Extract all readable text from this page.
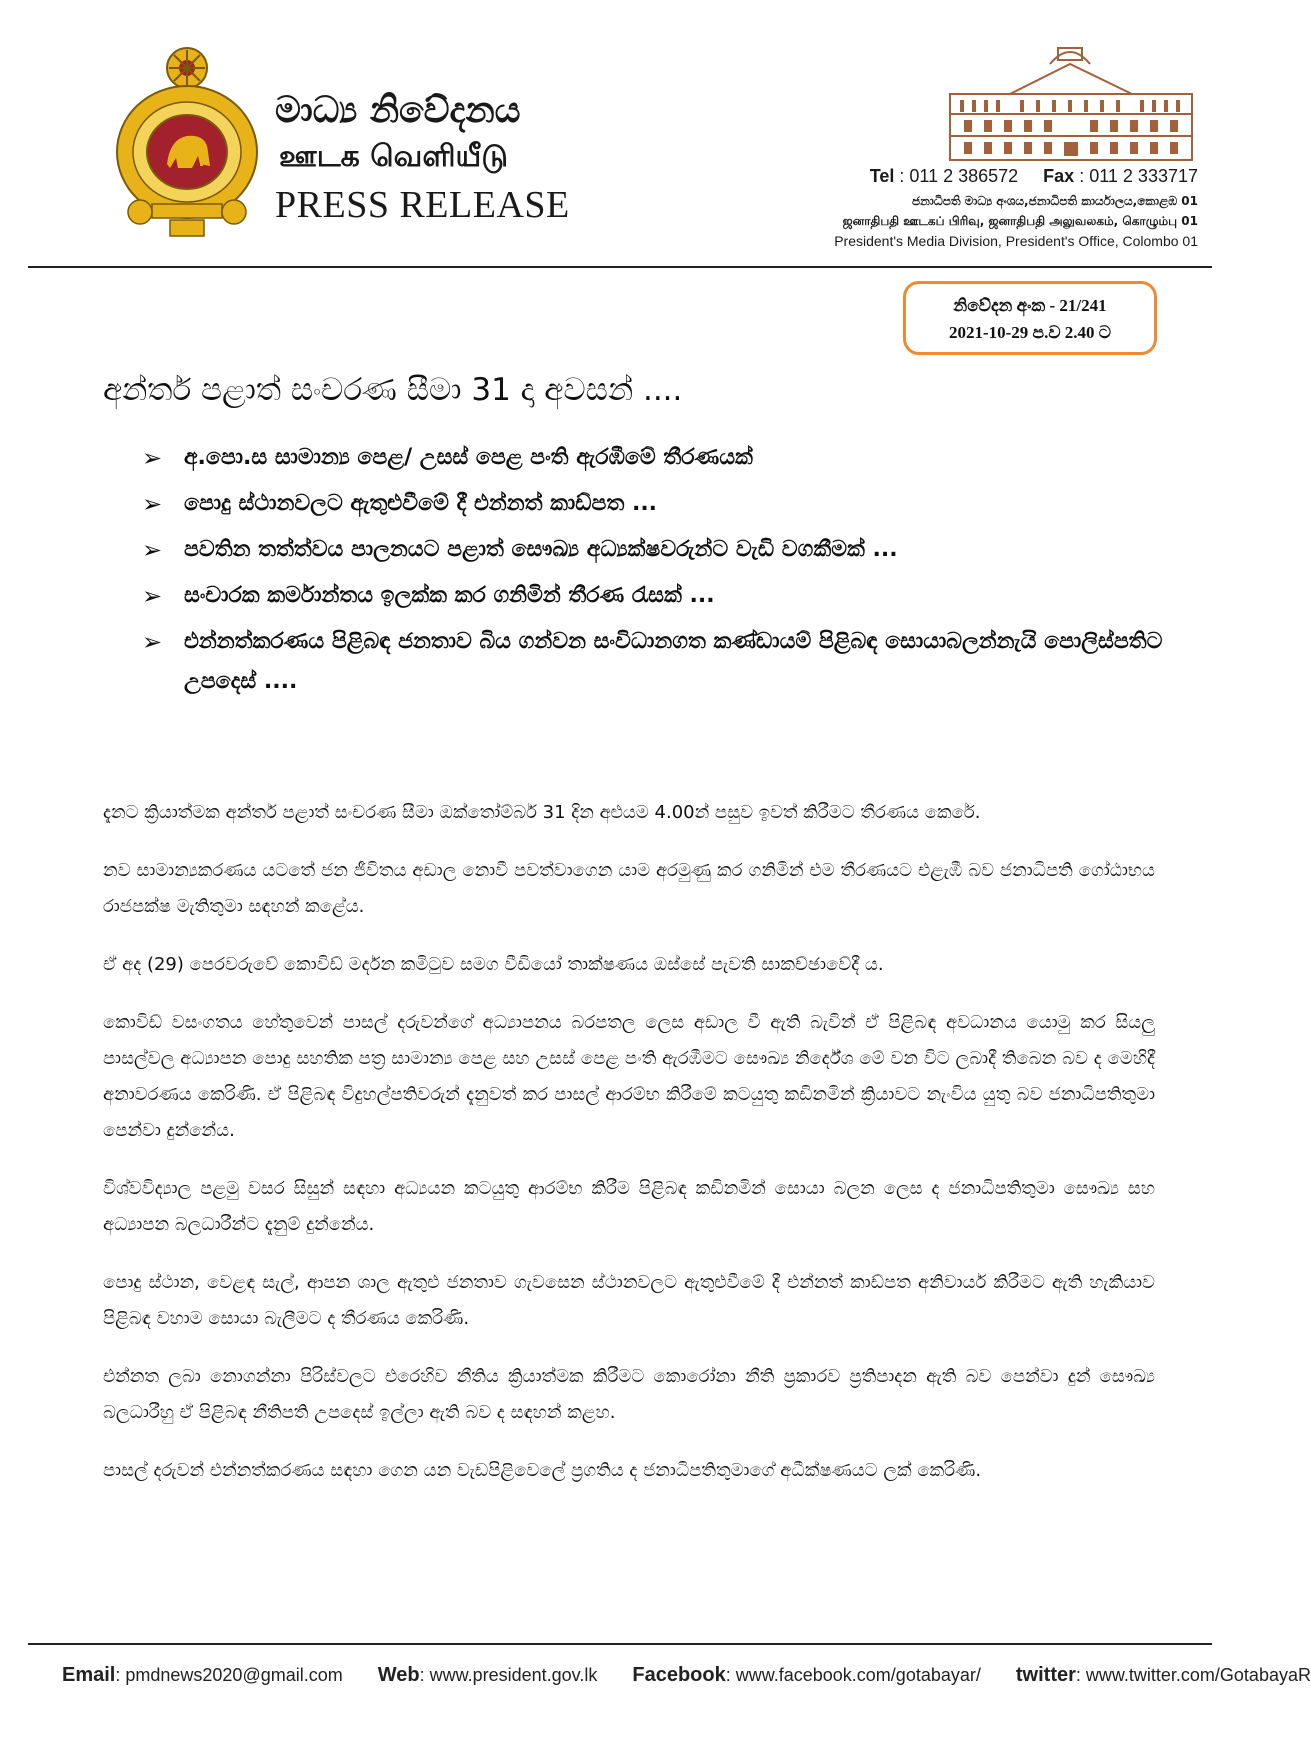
මාධ්‍ය නිවේදනය
ஊடக வெளியீடு
PRESS RELEASE
Tel : 011 2 386572 Fax : 011 2 333717
ජනාධිපති මාධ්‍ය අංශය,ජනාධිපති කාර්යාලය,කොළඹ 01
ஜனாதிபதி ஊடகப் பிரிவு, ஜனாதிபதி அலுவலகம், கொழும்பு 01
President's Media Division, President's Office, Colombo 01
නිවේදන අංක - 21/241
2021-10-29 ප.ව 2.40 ට
අන්තර් පළාත් සංචරණ සීමා 31 දා අවසන් ....
➢ අ.පො.ස සාමාන්‍ය පෙළ/ උසස් පෙළ පංති ඇරඹීමේ තීරණයක්
➢ පොදු ස්ථානවලට ඇතුළුවීමේ දී එන්නත් කාඩ්පත ...
➢ පවතින තත්ත්වය පාලනයට පළාත් සෞඛ්‍ය අධ්‍යක්ෂවරුන්ට වැඩි වගකීමක් ...
➢ සංචාරක කර්මාන්තය ඉලක්ක කර ගනිමින් තීරණ රැසක් ...
➢ එන්නත්කරණය පිළිබඳ ජනතාව බිය ගන්වන සංවිධානගත කණ්ඩායම් පිළිබඳ සොයාබලන්නැයි පොලිස්පතිට උපදෙස් ....

දැනට ක්‍රියාත්මක අන්තර් පළාත් සංචරණ සීමා ඔක්තෝම්බර් 31 දින අළුයම 4.00න් පසුව ඉවත් කිරීමට තීරණය කෙරේ.

නව සාමාන්‍යකරණය යටතේ ජන ජීවිතය අඩාල නොවී පවත්වාගෙන යාම අරමුණු කර ගනිමින් එම තීරණයට එළැඹී බව ජනාධිපති ගෝඨාභය රාජපක්ෂ මැතිතුමා සඳහන් කළේය.

ඒ අද (29) පෙරවරුවේ කොවිඩ් මර්දන කමිටුව සමග වීඩියෝ තාක්ෂණය ඔස්සේ පැවති සාකච්ඡාවේදී ය.

කොවිඩ් වසංගතය හේතුවෙන් පාසල් දරුවන්ගේ අධ්‍යාපනය බරපතල ලෙස අඩාල වී ඇති බැවින් ඒ පිළිබඳ අවධානය යොමු කර සියලු පාසල්වල අධ්‍යාපන පොදු සහතික පත්‍ර සාමාන්‍ය පෙළ සහ උසස් පෙළ පංති ඇරඹීමට සෞඛ්‍ය නිර්දේශ මේ වන විට ලබාදී තිබෙන බව ද මෙහිදී අනාවරණය කෙරිණි. ඒ පිළිබඳ විදුහල්පතිවරුන් දැනුවත් කර පාසල් ආරම්භ කිරීමේ කටයුතු කඩිනමින් ක්‍රියාවට නැංවිය යුතු බව ජනාධිපතිතුමා පෙන්වා දුන්නේය.

විශ්වවිද්‍යාල පළමු වසර සිසුන් සඳහා අධ්‍යයන කටයුතු ආරම්භ කිරීම පිළිබඳ කඩිනමින් සොයා බලන ලෙස ද ජනාධිපතිතුමා සෞඛ්‍ය සහ අධ්‍යාපන බලධාරීන්ට දැනුම් දුන්නේය.

පොදු ස්ථාන, වෙළඳ සැල්, ආපන ශාල ඇතුළු ජනතාව ගැවසෙන ස්ථානවලට ඇතුළුවීමේ දී එන්නත් කාඩ්පත අනිවාර්ය කිරීමට ඇති හැකියාව පිළිබඳ වහාම සොයා බැලීමට ද තීරණය කෙරිණි.

එන්නත ලබා නොගන්නා පිරිස්වලට එරෙහිව නීතිය ක්‍රියාත්මක කිරීමට කොරෝනා නීති ප්‍රකාරව ප්‍රතිපාදන ඇති බව පෙන්වා දුන් සෞඛ්‍ය බලධාරීහු ඒ පිළිබඳ නීතිපති උපදෙස් ඉල්ලා ඇති බව ද සඳහන් කළහ.

පාසල් දරුවන් එන්නත්කරණය සඳහා ගෙන යන වැඩපිළිවෙලේ ප්‍රගතිය ද ජනාධිපතිතුමාගේ අධීක්ෂණයට ලක් කෙරිණි.

Email: pmdnews2020@gmail.com Web: www.president.gov.lk Facebook: www.facebook.com/gotabayar/ twitter: www.twitter.com/GotabayaR
